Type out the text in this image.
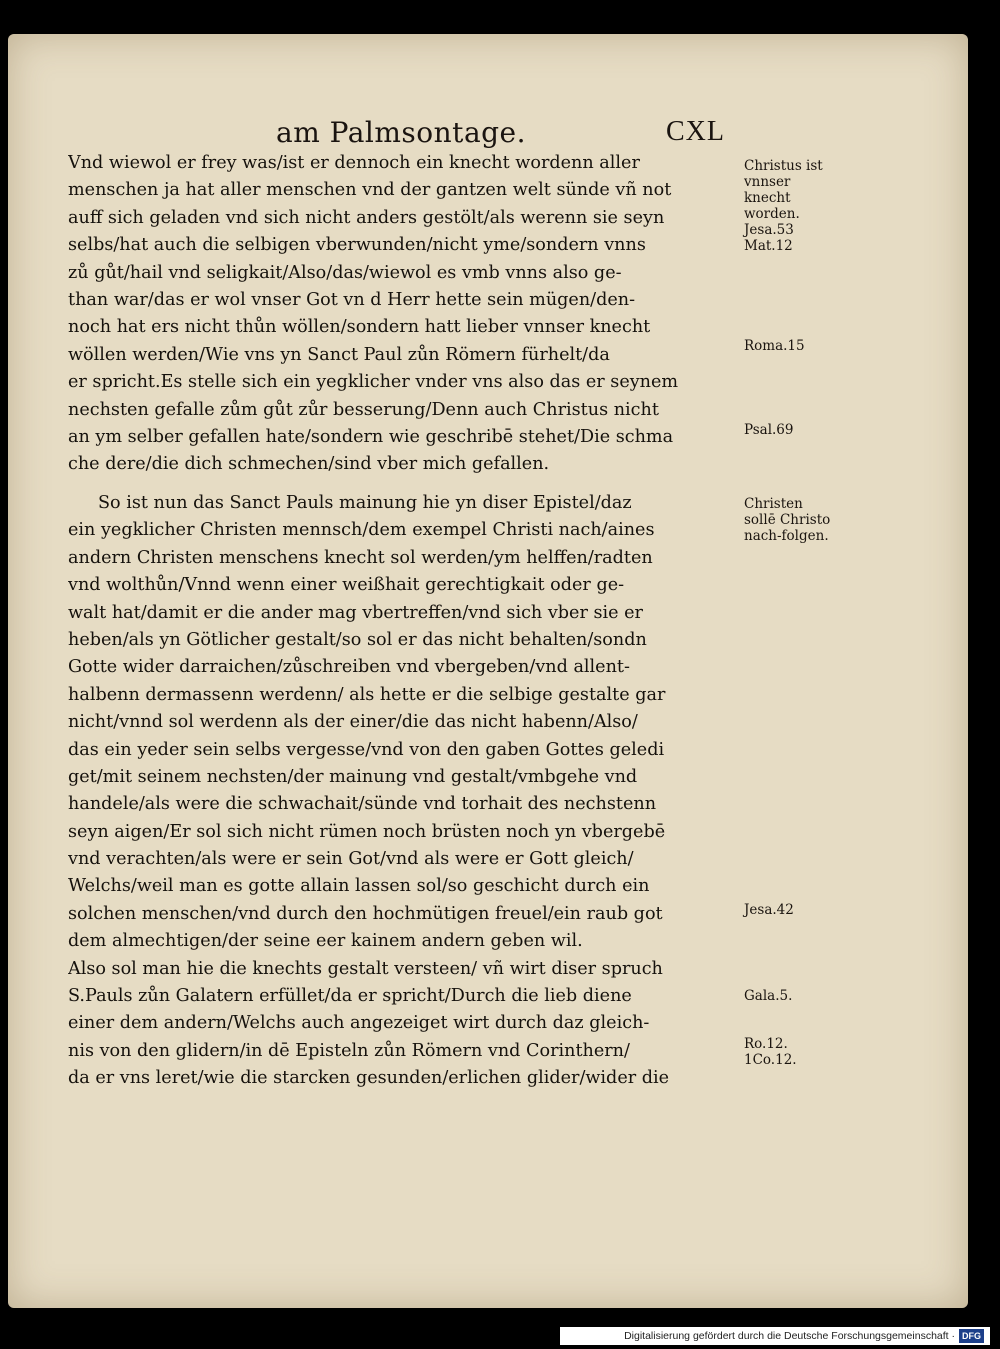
am Palmsontage.	CXL
Vnd wiewol er frey was/ist er dennoch ein knecht wordenn aller
menschen ja hat aller menschen vnd der gantzen welt sünde vñ not
auff sich geladen vnd sich nicht anders gestölt/als werenn sie seyn
selbs/hat auch die selbigen vberwunden/nicht yme/sondern vnns
zů gůt/hail vnd seligkait/Also/das/wiewol es vmb vnns also ge-
than war/das er wol vnser Got vn d Herr hette sein mügen/den-
noch hat ers nicht thůn wöllen/sondern hatt lieber vnnser knecht
wöllen werden/Wie vns yn Sanct Paul zůn Römern fürhelt/da
er spricht.Es stelle sich ein yegklicher vnder vns also das er seynem
nechsten gefalle zům gůt zůr besserung/Denn auch Christus nicht
an ym selber gefallen hate/sondern wie geschribē stehet/Die schma
che dere/die dich schmechen/sind vber mich gefallen.
So ist nun das Sanct Pauls mainung hie yn diser Epistel/daz
ein yegklicher Christen mennsch/dem exempel Christi nach/aines
andern Christen menschens knecht sol werden/ym helffen/radten
vnd wolthůn/Vnnd wenn einer weißhait gerechtigkait oder ge-
walt hat/damit er die ander mag vbertreffen/vnd sich vber sie er
heben/als yn Götlicher gestalt/so sol er das nicht behalten/sondn
Gotte wider darraichen/zůschreiben vnd vbergeben/vnd allent-
halbenn dermassenn werdenn/ als hette er die selbige gestalte gar
nicht/vnnd sol werdenn als der einer/die das nicht habenn/Also/
das ein yeder sein selbs vergesse/vnd von den gaben Gottes geledi
get/mit seinem nechsten/der mainung vnd gestalt/vmbgehe vnd
handele/als were die schwachait/sünde vnd torhait des nechstenn
seyn aigen/Er sol sich nicht rümen noch brüsten noch yn vbergebē
vnd verachten/als were er sein Got/vnd als were er Gott gleich/
Welchs/weil man es gotte allain lassen sol/so geschicht durch ein
solchen menschen/vnd durch den hochmütigen freuel/ein raub got
dem almechtigen/der seine eer kainem andern geben wil.
Also sol man hie die knechts gestalt versteen/ vñ wirt diser spruch
S.Pauls zůn Galatern erfüllet/da er spricht/Durch die lieb diene
einer dem andern/Welchs auch angezeiget wirt durch daz gleich-
nis von den glidern/in dē Episteln zůn Römern vnd Corinthern/
da er vns leret/wie die starcken gesunden/erlichen glider/wider die
Christus ist vnnser knecht worden. Jesa.53 Mat.12
Roma.15
Psal.69
Christen sollē Christo nach-folgen.
Jesa.42
Gala.5.
Ro.12. 1Co.12.
Digitalisierung gefördert durch die Deutsche Forschungsgemeinschaft · DFG
